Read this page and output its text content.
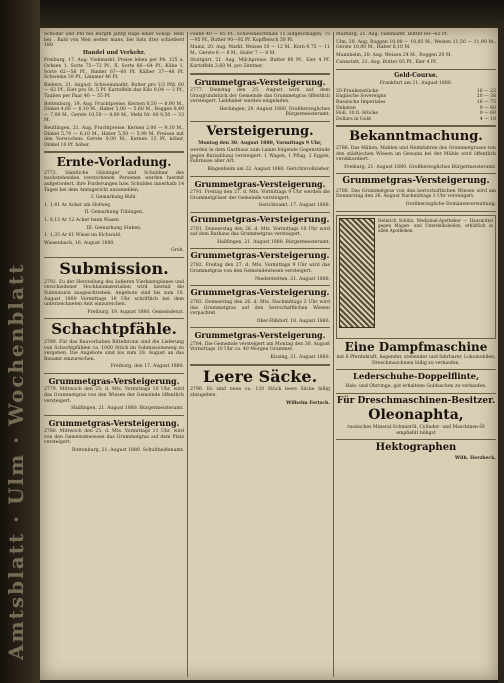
Amtsblatt · Ulm · Wochenblatt

Schöder und Pfd bei Bürgth jahrg Raps einer Schop- fenn bei . Bald von Wen weiter mans, bei Sats itter schiefierd 180.

Handel und Verkehr.

Freiburg, 17. Aug. Viehmarkt. Preise leben per Ph. 125 u. Ochsen 1. Sorte 75—72 Pf., II. Sorte 66—64 Pf.; Kühe 1. Sorte 62—56 Pf., Rinder 67—60 Pf. Kälber 37—48 Pf. Schweine 59 Pf., Lämmer 46 Pf.

Biebers, 21. August. Schweinmarkt. Butter pro 1/2 Pfd. 60 — 62 Pf., Eier pro St. 5 Pf. Kartoffeln das Kilo 0,04 — 3 Pf., Tauben per Paar 40 — 55 Pf.

Rottenburg, 19. Aug. Fruchtpreise. Kernen 0,50 — 8,90 M., Dinkel 4,60 — 6,10 M., Haber 5,00 — 5,60 M., Roggen 8,40 — 7,00 M., Gerste 10,50 — 8,80 M., Mehl Nr. 00 9,50 — 33 M.

Reutlingen, 21. Aug. Fruchtpreise. Kernen 2,00 — 9,10 M., Dinkel 5,70 — 6,10 M., Haber 5,50 — 5,90 M. Preisen mit den Vorwochen: Gerste 9,00 M., Kernen 15 Pf. höher, Dinkel 10 Pf. höher.

Ernte-Vorladung.

2772. Sämtliche Gläubiger und Schuldner des nachstehenden verstorbenen Personen werden hiermit aufgefordert, ihre Forderungen bzw. Schulden innerhalb 14 Tagen bei dem Amtsgericht anzumelden.

I. Gemarkung Bühl.

1. 1,41 Ar Acker am Hofweg

II. Gemarkung Tübingen.

1. 8,13 Ar 12 Acker beim Wasen

III. Gemarkung Stuben.

1. 1,35 Ar 61 Wiese im Eichwald.

Wiesenbach, 16. August 1880.

Groh.

Submission.

2792. Zu der Herstellung des äußeren Vierkantsplanes und verschiedener Hochbaumaterialien wird hiermit die Submission ausgeschrieben. Angebote sind bis zum 10. August 1880 Vormittags 10 Uhr schriftlich bei dem unterzeichneten Amt einzureichen.

Freiburg, 19. August 1880. Gemeinderat.

Schachtpfähle.

2789. Für das Bauvorhaben Bittelbronn sind die Lieferung von Schachtpfählen ca. 1000 Stück im Submissionsweg zu vergeben. Die Angebote sind bis zum 28. August an das Bauamt einzureichen.

Freiburg, den 17. August 1880.

Grummetgras-Versteigerung.

2779. Mittwoch den 25. d. Mts. Vormittags 10 Uhr, wird das Grummetgras von den Wiesen der Gemeinde öffentlich versteigert.

Hailfingen, 21. August 1880. Bürgermeisteramt.

Grummetgras-Versteigerung.

2780. Mittwoch den 25. d. Mts. Vormittags 11 Uhr, wird von den Gemeindewiesen das Grummetgras auf dem Platz versteigert.

Rottenburg, 21. August 1880. Schultheißenamt.

Feldle 40 — 85 Pf., Schweineschmalz 15 aufgeschlagen, 75—95 Pf., Butter 90—92 Pf. Kopffleisch 50 Pf.

Mainz, 20. Aug. Markt. Weizen 10 — 12 M., Korn 9,75 — 11 M., Gerste 6 — 8 M., Hafer 7 — 8 M.

Stuttgart, 21. Aug. Milchpreise. Butter 80 Pf., Eier 4 Pf. Kartoffeln 3,60 M. pro Zentner.

Grummetgras-Versteigerung.

2777. Dienstag den 25. August wird auf dem Grasgrundstück der Gemeinde das Grummetgras öffentlich versteigert. Liebhaber werden eingeladen.

Hechingen, 20. August 1880. Großherzogliches Bürgermeisteramt.

Versteigerung.

Montag den 30. August 1880, Vormittags 9 Uhr,

werden in dem Gasthaus zum Lamm folgende Gegenstände gegen Barzahlung versteigert: 1 Wagen, 1 Pflug, 2 Eggen, Fahrnisse aller Art.

Bingenheim am 22. August 1880. Gerichtsvollzieher.

Grummetgras-Versteigerung.

2791. Freitag den 27. d. Mts. Vormittags 9 Uhr werden die Grummetgräser der Gemeinde versteigert.

Gerichtsamt, 17. August 1880.

Grummetgras-Versteigerung.

2781. Donnerstag den 26. d. Mts. Vormittags 10 Uhr wird auf dem Rathaus das Grummetgras versteigert.

Hailfingen, 21. August 1880. Bürgermeisteramt.

Grummetgras-Versteigerung.

2782. Freitag den 27. d. Mts. Vormittags 9 Uhr wird das Grummetgras von den Gemeindewiesen versteigert.

Niederstetten, 21. August 1880.

Grummetgras-Versteigerung.

2783. Donnerstag den 26. d. Mts. Nachmittags 2 Uhr wird das Grummetgras auf den herrschaftlichen Wiesen verpachtet.

Ober-Rißdorf, 18. August 1880.

Grummetgras-Versteigerung.

2784. Die Gemeinde versteigert am Montag den 30. August Vormittags 10 Uhr ca. 40 Morgen Grummet.

Kissing, 21. August 1880.

Leere Säcke.

2790. Es sind neue ca. 120 Stück leere Säcke billig abzugeben.

Wilhelm Fertsch.

Marburg, 21. Aug. Viehmarkt. Butter 60—65 Pf.

Ulm, 20. Aug. Roggen 10,00 — 10,85 M., Weizen 11,50 — 11,90 M., Gerste 10,80 M., Haber 8,10 M.

Mannheim, 20. Aug. Weizen 24 M., Roggen 20 M.

Cannstatt, 21. Aug. Butter 85 Pf., Eier 4 Pf.

Geld-Course.

Frankfurt am 21. August 1880.

20-Frankenstücke	16 — 22
Englische Sovereigns	20 — 38
Russische Imperiales	16 — 75
Dukaten	9 — 60
Holl. 10 fl.-Stücke	9 — 60
Dollars in Gold	4 — 18
Bekanntmachung.

2786. Das Mähen, Mahlen und Heimfahren des Grummetgrases von den städtischen Wiesen im Gewann bei der Mühle wird öffentlich verakkordiert.

Freiburg, 21. August 1880. Großherzogliches Bürgermeisteramt.

Grummetgras-Versteigerung.

2788. Das Grummetgras von den herrschaftlichen Wiesen wird am Donnerstag den 26. August Nachmittags 1 Uhr versteigert.

Großherzogliche Domänenverwaltung.

Heinrich Schütz, Medizinal-Apotheker — Hausmittel gegen Magen- und Unterleibsleiden, erhältlich in allen Apotheken.

Eine Dampfmaschine

mit 6 Pferdekraft, liegender, stehender und fahrbarer, Lokomobilen, Dreschmaschinen billig zu verkaufen.

Lederschuhe-Doppelflinte,

Hals- und Ohrringe, gut erhaltene Goldsachen zu verkaufen.

Für Dreschmaschinen-Besitzer.
Oleonaphta,

russisches Mineral-Schmieröl, Cylinder- und Maschinen-Öl empfiehlt billigst

Hektographen

Wilh. Herzbeck.
